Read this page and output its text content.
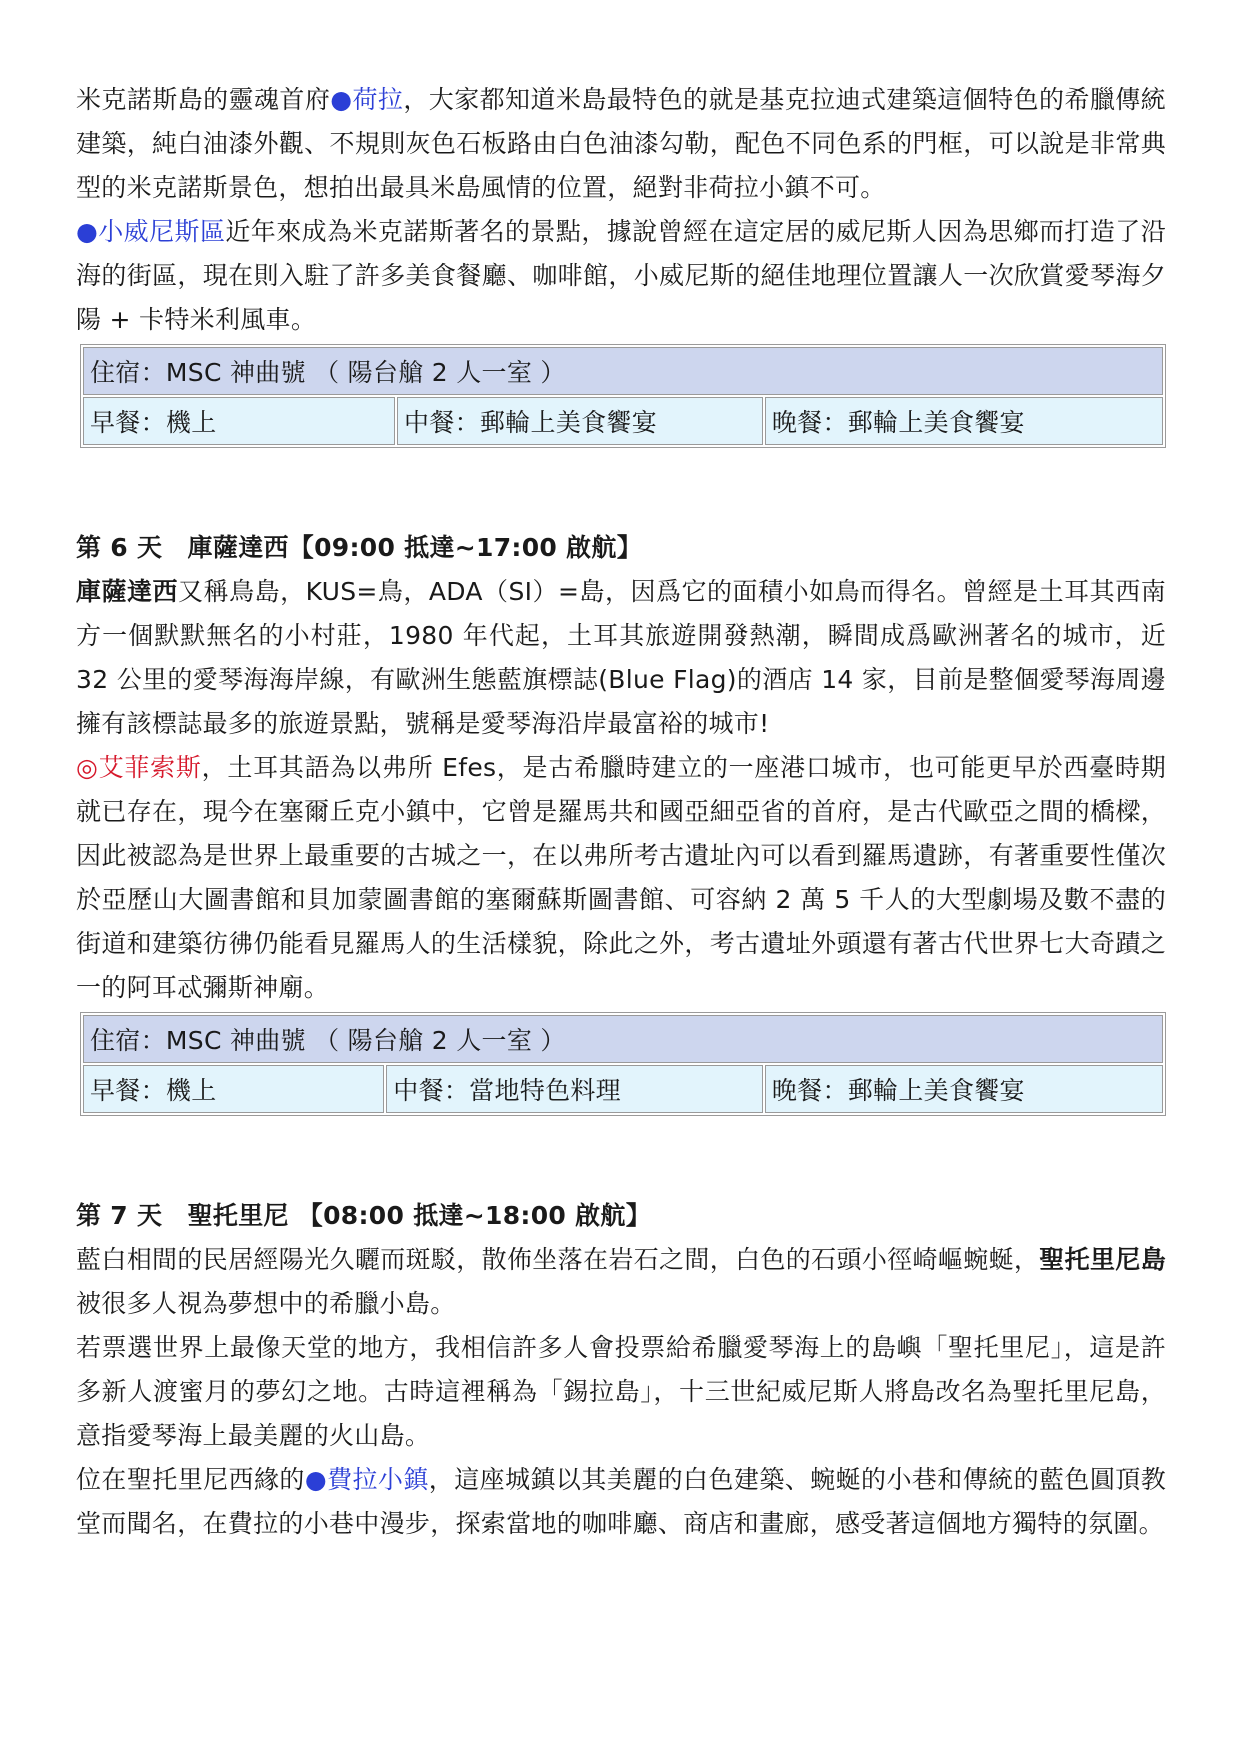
米克諾斯島的靈魂首府●荷拉，大家都知道米島最特色的就是基克拉迪式建築這個特色的希臘傳統建築，純白油漆外觀、不規則灰色石板路由白色油漆勾勒，配色不同色系的門框，可以說是非常典型的米克諾斯景色，想拍出最具米島風情的位置，絕對非荷拉小鎮不可。

●小威尼斯區近年來成為米克諾斯著名的景點，據說曾經在這定居的威尼斯人因為思鄉而打造了沿海的街區，現在則入駐了許多美食餐廳、咖啡館，小威尼斯的絕佳地理位置讓人一次欣賞愛琴海夕陽 + 卡特米利風車。

住宿：MSC 神曲號 （ 陽台艙 2 人一室 ）
早餐：機上	中餐：郵輪上美食饗宴	晚餐：郵輪上美食饗宴

第 6 天　庫薩達西【09:00 抵達~17:00 啟航】

庫薩達西又稱鳥島，KUS=鳥，ADA（SI）=島，因爲它的面積小如鳥而得名。曾經是土耳其西南方一個默默無名的小村莊，1980 年代起，土耳其旅遊開發熱潮，瞬間成爲歐洲著名的城市，近 32 公里的愛琴海海岸線，有歐洲生態藍旗標誌(Blue Flag)的酒店 14 家，目前是整個愛琴海周邊擁有該標誌最多的旅遊景點，號稱是愛琴海沿岸最富裕的城市!

◎艾菲索斯，土耳其語為以弗所 Efes，是古希臘時建立的一座港口城市，也可能更早於西臺時期就已存在，現今在塞爾丘克小鎮中，它曾是羅馬共和國亞細亞省的首府，是古代歐亞之間的橋樑，因此被認為是世界上最重要的古城之一，在以弗所考古遺址內可以看到羅馬遺跡，有著重要性僅次於亞歷山大圖書館和貝加蒙圖書館的塞爾蘇斯圖書館、可容納 2 萬 5 千人的大型劇場及數不盡的街道和建築彷彿仍能看見羅馬人的生活樣貌，除此之外，考古遺址外頭還有著古代世界七大奇蹟之一的阿耳忒彌斯神廟。

住宿：MSC 神曲號 （ 陽台艙 2 人一室 ）
早餐：機上	中餐：當地特色料理	晚餐：郵輪上美食饗宴

第 7 天　聖托里尼 【08:00 抵達~18:00 啟航】

藍白相間的民居經陽光久曬而斑駁，散佈坐落在岩石之間，白色的石頭小徑崎嶇蜿蜒，聖托里尼島被很多人視為夢想中的希臘小島。

若票選世界上最像天堂的地方，我相信許多人會投票給希臘愛琴海上的島嶼「聖托里尼」，這是許多新人渡蜜月的夢幻之地。古時這裡稱為「錫拉島」，十三世紀威尼斯人將島改名為聖托里尼島，意指愛琴海上最美麗的火山島。

位在聖托里尼西緣的●費拉小鎮，這座城鎮以其美麗的白色建築、蜿蜒的小巷和傳統的藍色圓頂教堂而聞名，在費拉的小巷中漫步，探索當地的咖啡廳、商店和畫廊，感受著這個地方獨特的氛圍。
